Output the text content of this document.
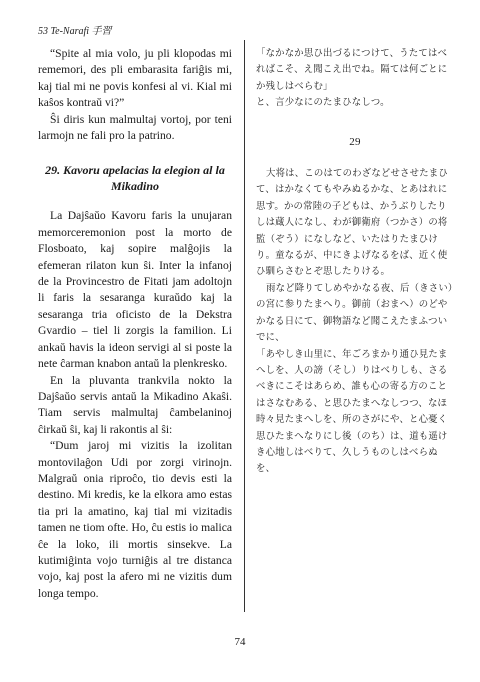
53 Te-Narafi 手習

“Spite al mia volo, ju pli klopodas mi rememori, des pli embarasita fariĝis mi, kaj tial mi ne povis konfesi al vi. Kial mi kaŝos kontraŭ vi?”

Ŝi diris kun malmultaj vortoj, por teni larmojn ne fali pro la patrino.

29. Kavoru apelacias la elegion al la Mikadino

La Dajŝaŭo Kavoru faris la unujaran memorceremonion post la morto de Flosboato, kaj sopire malĝojis la efemeran rilaton kun ŝi. Inter la infanoj de la Provincestro de Fitati jam adoltojn li faris la sesaranga kuraŭdo kaj la sesaranga tria oficisto de la Dekstra Gvardio – tiel li zorgis la familion. Li ankaŭ havis la ideon servigi al si poste la nete ĉarman knabon antaŭ la plenkresko.

En la pluvanta trankvila nokto la Dajŝaŭo servis antaŭ la Mikadino Akaŝi. Tiam servis malmultaj ĉambelaninoj ĉirkaŭ ŝi, kaj li rakontis al ŝi:

“Dum jaroj mi vizitis la izolitan montovilaĝon Udi por zorgi virinojn. Malgraŭ onia riproĉo, tio devis esti la destino. Mi kredis, ke la elkora amo estas tia pri la amatino, kaj tial mi vizitadis tamen ne tiom ofte. Ho, ĉu estis io malica ĉe la loko, ili mortis sinsekve. La kutimiĝinta vojo turniĝis al tre distanca vojo, kaj post la afero mi ne vizitis dum longa tempo.

「なかなか思ひ出づるにつけて、うたてはべればこそ、え聞こえ出でね。隔ては何ごとにか残しはべらむ」

と、言少なにのたまひなしつ。

29

大将は、このはてのわざなどせさせたまひて、はかなくてもやみぬるかな、とあはれに思す。かの常陸の子どもは、かうぶりしたりしは蔵人になし、わが御衛府（つかさ）の将監（ぞう）になしなど、いたはりたまひけり。童なるが、中にきよげなるをば、近く使ひ馴らさむとぞ思したりける。

雨など降りてしめやかなる夜、后（きさい）の宮に参りたまへり。御前（おまへ）のどやかなる日にて、御物語など聞こえたまふついでに、

「あやしき山里に、年ごろまかり通ひ見たまへしを、人の謗（そし）りはべりしも、さるべきにこそはあらめ、誰も心の寄る方のことはさなむある、と思ひたまへなしつつ、なほ時々見たまへしを、所のさがにや、と心憂く思ひたまへなりにし後（のち）は、道も遥けき心地しはべりて、久しうものしはべらぬを、

74
